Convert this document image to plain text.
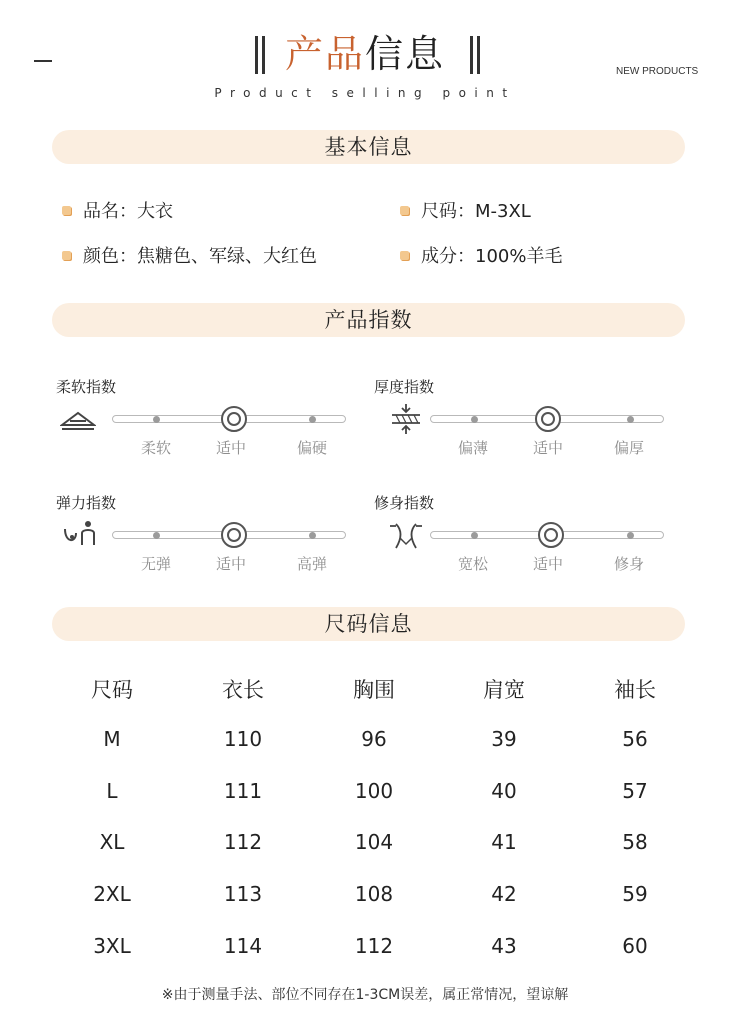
产品信息
Product selling point
NEW PRODUCTS
基本信息
品名：大衣	尺码：M-3XL
颜色：焦糖色、军绿、大红色	成分：100%羊毛
产品指数
柔软指数
柔软	适中	偏硬
厚度指数
偏薄	适中	偏厚
弹力指数
无弹	适中	高弹
修身指数
宽松	适中	修身
尺码信息
尺码	衣长	胸围	肩宽	袖长
M	110	96	39	56
L	111	100	40	57
XL	112	104	41	58
2XL	113	108	42	59
3XL	114	112	43	60
※由于测量手法、部位不同存在1-3CM误差，属正常情况，望谅解
